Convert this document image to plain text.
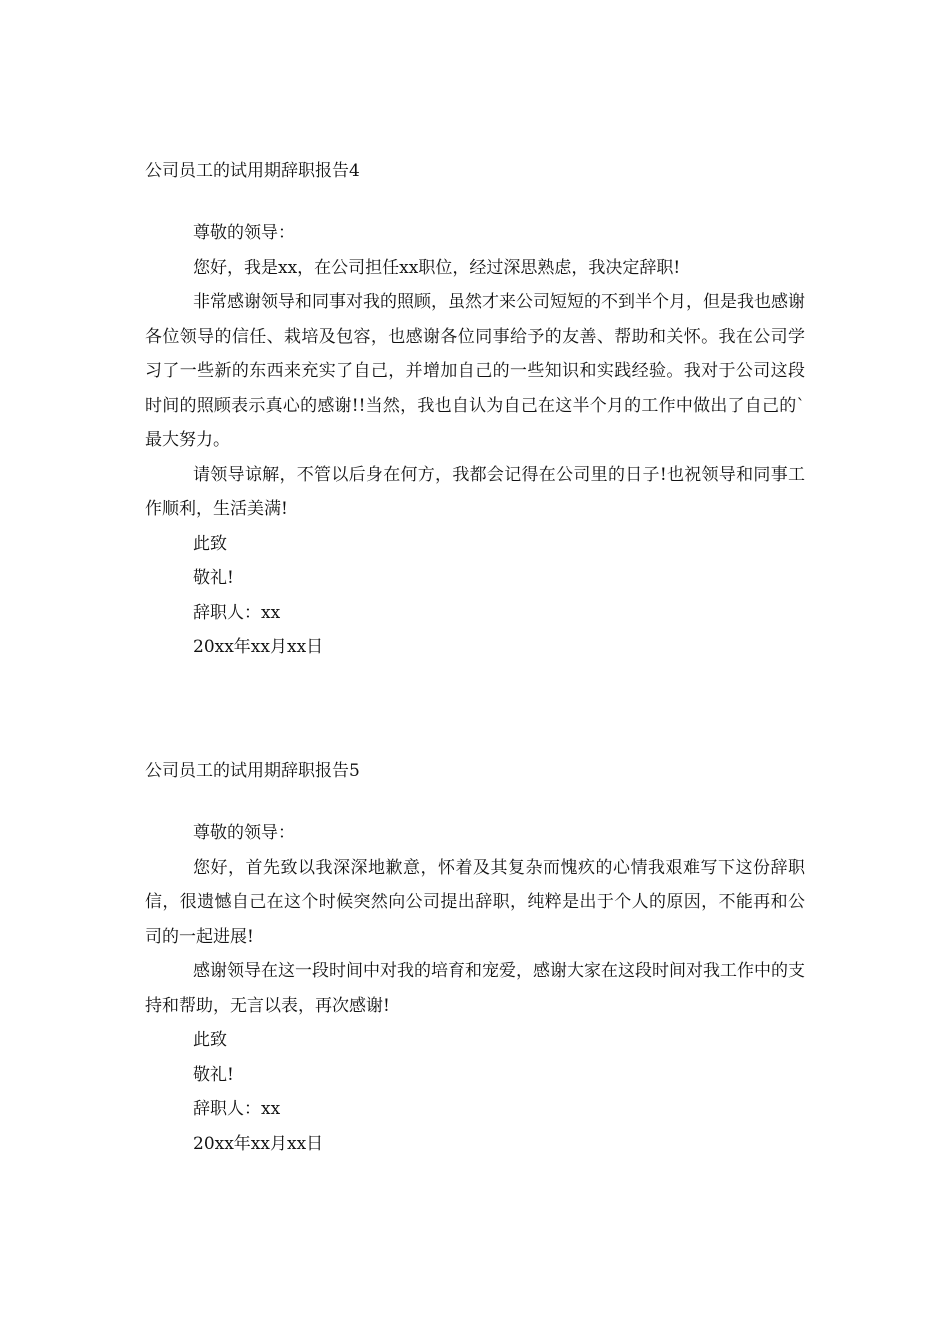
公司员工的试用期辞职报告4

尊敬的领导：

您好，我是xx，在公司担任xx职位，经过深思熟虑，我决定辞职!

非常感谢领导和同事对我的照顾，虽然才来公司短短的不到半个月，但是我也感谢各位领导的信任、栽培及包容，也感谢各位同事给予的友善、帮助和关怀。我在公司学习了一些新的东西来充实了自己，并增加自己的一些知识和实践经验。我对于公司这段时间的照顾表示真心的感谢!!当然，我也自认为自己在这半个月的工作中做出了自己的`最大努力。

请领导谅解，不管以后身在何方，我都会记得在公司里的日子!也祝领导和同事工作顺利，生活美满!

此致

敬礼!

辞职人：xx

20xx年xx月xx日

公司员工的试用期辞职报告5

尊敬的领导：

您好，首先致以我深深地歉意，怀着及其复杂而愧疚的心情我艰难写下这份辞职信，很遗憾自己在这个时候突然向公司提出辞职，纯粹是出于个人的原因，不能再和公司的一起进展!

感谢领导在这一段时间中对我的培育和宠爱，感谢大家在这段时间对我工作中的支持和帮助，无言以表，再次感谢!

此致

敬礼!

辞职人：xx

20xx年xx月xx日
